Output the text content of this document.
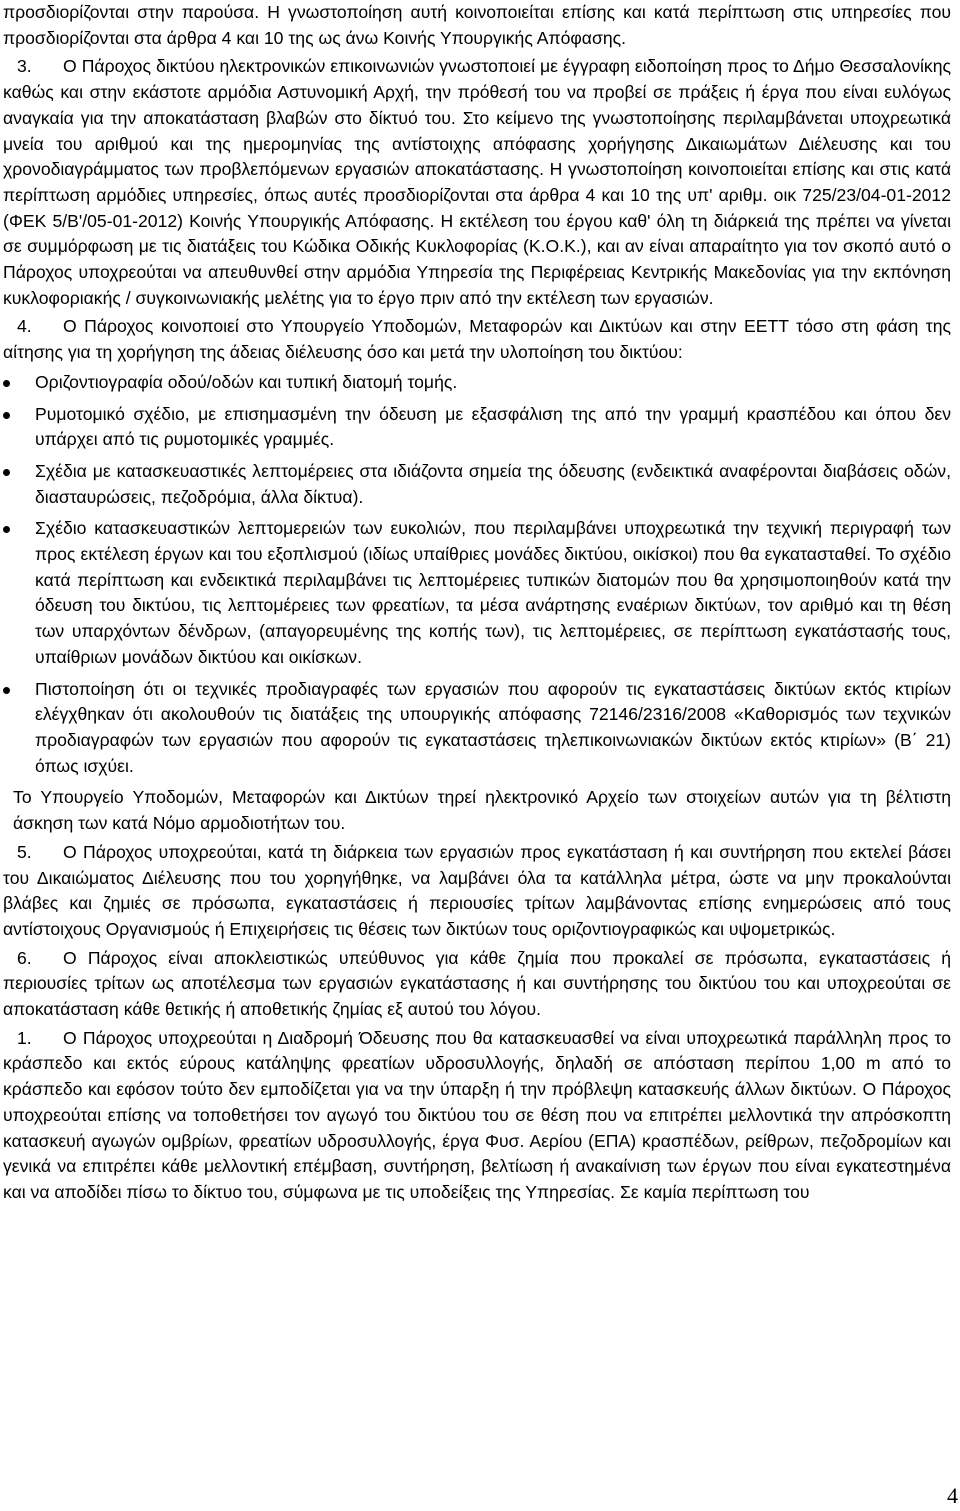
προσδιορίζονται στην παρούσα. Η γνωστοποίηση αυτή κοινοποιείται επίσης και κατά περίπτωση στις υπηρεσίες που προσδιορίζονται στα άρθρα 4 και 10 της ως άνω Κοινής Υπουργικής Απόφασης.

3. Ο Πάροχος δικτύου ηλεκτρονικών επικοινωνιών γνωστοποιεί με έγγραφη ειδοποίηση προς το Δήμο Θεσσαλονίκης καθώς και στην εκάστοτε αρμόδια Αστυνομική Αρχή, την πρόθεσή του να προβεί σε πράξεις ή έργα που είναι ευλόγως αναγκαία για την αποκατάσταση βλαβών στο δίκτυό του. Στο κείμενο της γνωστοποίησης περιλαμβάνεται υποχρεωτικά μνεία του αριθμού και της ημερομηνίας της αντίστοιχης απόφασης χορήγησης Δικαιωμάτων Διέλευσης και του χρονοδιαγράμματος των προβλεπόμενων εργασιών αποκατάστασης. Η γνωστοποίηση κοινοποιείται επίσης και στις κατά περίπτωση αρμόδιες υπηρεσίες, όπως αυτές προσδιορίζονται στα άρθρα 4 και 10 της υπ' αριθμ. οικ 725/23/04-01-2012 (ΦΕΚ 5/Β'/05-01-2012) Κοινής Υπουργικής Απόφασης. Η εκτέλεση του έργου καθ' όλη τη διάρκειά της πρέπει να γίνεται σε συμμόρφωση με τις διατάξεις του Κώδικα Οδικής Κυκλοφορίας (Κ.Ο.Κ.), και αν είναι απαραίτητο για τον σκοπό αυτό ο Πάροχος υποχρεούται να απευθυνθεί στην αρμόδια Υπηρεσία της Περιφέρειας Κεντρικής Μακεδονίας για την εκπόνηση κυκλοφοριακής / συγκοινωνιακής μελέτης για το έργο πριν από την εκτέλεση των εργασιών.

4. Ο Πάροχος κοινοποιεί στο Υπουργείο Υποδομών, Μεταφορών και Δικτύων και στην ΕΕΤΤ τόσο στη φάση της αίτησης για τη χορήγηση της άδειας διέλευσης όσο και μετά την υλοποίηση του δικτύου:

Οριζοντιογραφία οδού/οδών και τυπική διατομή τομής.
Ρυμοτομικό σχέδιο, με επισημασμένη την όδευση με εξασφάλιση της από την γραμμή κρασπέδου και όπου δεν υπάρχει από τις ρυμοτομικές γραμμές.
Σχέδια με κατασκευαστικές λεπτομέρειες στα ιδιάζοντα σημεία της όδευσης (ενδεικτικά αναφέρονται διαβάσεις οδών, διασταυρώσεις, πεζοδρόμια, άλλα δίκτυα).
Σχέδιο κατασκευαστικών λεπτομερειών των ευκολιών, που περιλαμβάνει υποχρεωτικά την τεχνική περιγραφή των προς εκτέλεση έργων και του εξοπλισμού (ιδίως υπαίθριες μονάδες δικτύου, οικίσκοι) που θα εγκατασταθεί. Το σχέδιο κατά περίπτωση και ενδεικτικά περιλαμβάνει τις λεπτομέρειες τυπικών διατομών που θα χρησιμοποιηθούν κατά την όδευση του δικτύου, τις λεπτομέρειες των φρεατίων, τα μέσα ανάρτησης εναέριων δικτύων, τον αριθμό και τη θέση των υπαρχόντων δένδρων, (απαγορευμένης της κοπής των), τις λεπτομέρειες, σε περίπτωση εγκατάστασής τους, υπαίθριων μονάδων δικτύου και οικίσκων.
Πιστοποίηση ότι οι τεχνικές προδιαγραφές των εργασιών που αφορούν τις εγκαταστάσεις δικτύων εκτός κτιρίων ελέγχθηκαν ότι ακολουθούν τις διατάξεις της υπουργικής απόφασης 72146/2316/2008 «Καθορισμός των τεχνικών προδιαγραφών των εργασιών που αφορούν τις εγκαταστάσεις τηλεπικοινωνιακών δικτύων εκτός κτιρίων» (Β΄ 21) όπως ισχύει.

Το Υπουργείο Υποδομών, Μεταφορών και Δικτύων τηρεί ηλεκτρονικό Αρχείο των στοιχείων αυτών για τη βέλτιστη άσκηση των κατά Νόμο αρμοδιοτήτων του.

5. Ο Πάροχος υποχρεούται, κατά τη διάρκεια των εργασιών προς εγκατάσταση ή και συντήρηση που εκτελεί βάσει του Δικαιώματος Διέλευσης που του χορηγήθηκε, να λαμβάνει όλα τα κατάλληλα μέτρα, ώστε να μην προκαλούνται βλάβες και ζημιές σε πρόσωπα, εγκαταστάσεις ή περιουσίες τρίτων λαμβάνοντας επίσης ενημερώσεις από τους αντίστοιχους Οργανισμούς ή Επιχειρήσεις τις θέσεις των δικτύων τους οριζοντιογραφικώς και υψομετρικώς.

6. Ο Πάροχος είναι αποκλειστικώς υπεύθυνος για κάθε ζημία που προκαλεί σε πρόσωπα, εγκαταστάσεις ή περιουσίες τρίτων ως αποτέλεσμα των εργασιών εγκατάστασης ή και συντήρησης του δικτύου του και υποχρεούται σε αποκατάσταση κάθε θετικής ή αποθετικής ζημίας εξ αυτού του λόγου.

1. Ο Πάροχος υποχρεούται η Διαδρομή Όδευσης που θα κατασκευασθεί να είναι υποχρεωτικά παράλληλη προς το κράσπεδο και εκτός εύρους κατάληψης φρεατίων υδροσυλλογής, δηλαδή σε απόσταση περίπου 1,00 m από το κράσπεδο και εφόσον τούτο δεν εμποδίζεται για να την ύπαρξη ή την πρόβλεψη κατασκευής άλλων δικτύων. Ο Πάροχος υποχρεούται επίσης να τοποθετήσει τον αγωγό του δικτύου του σε θέση που να επιτρέπει μελλοντικά την απρόσκοπτη κατασκευή αγωγών ομβρίων, φρεατίων υδροσυλλογής, έργα Φυσ. Αερίου (ΕΠΑ) κρασπέδων, ρείθρων, πεζοδρομίων και γενικά να επιτρέπει κάθε μελλοντική επέμβαση, συντήρηση, βελτίωση ή ανακαίνιση των έργων που είναι εγκατεστημένα και να αποδίδει πίσω το δίκτυο του, σύμφωνα με τις υποδείξεις της Υπηρεσίας. Σε καμία περίπτωση του

4
